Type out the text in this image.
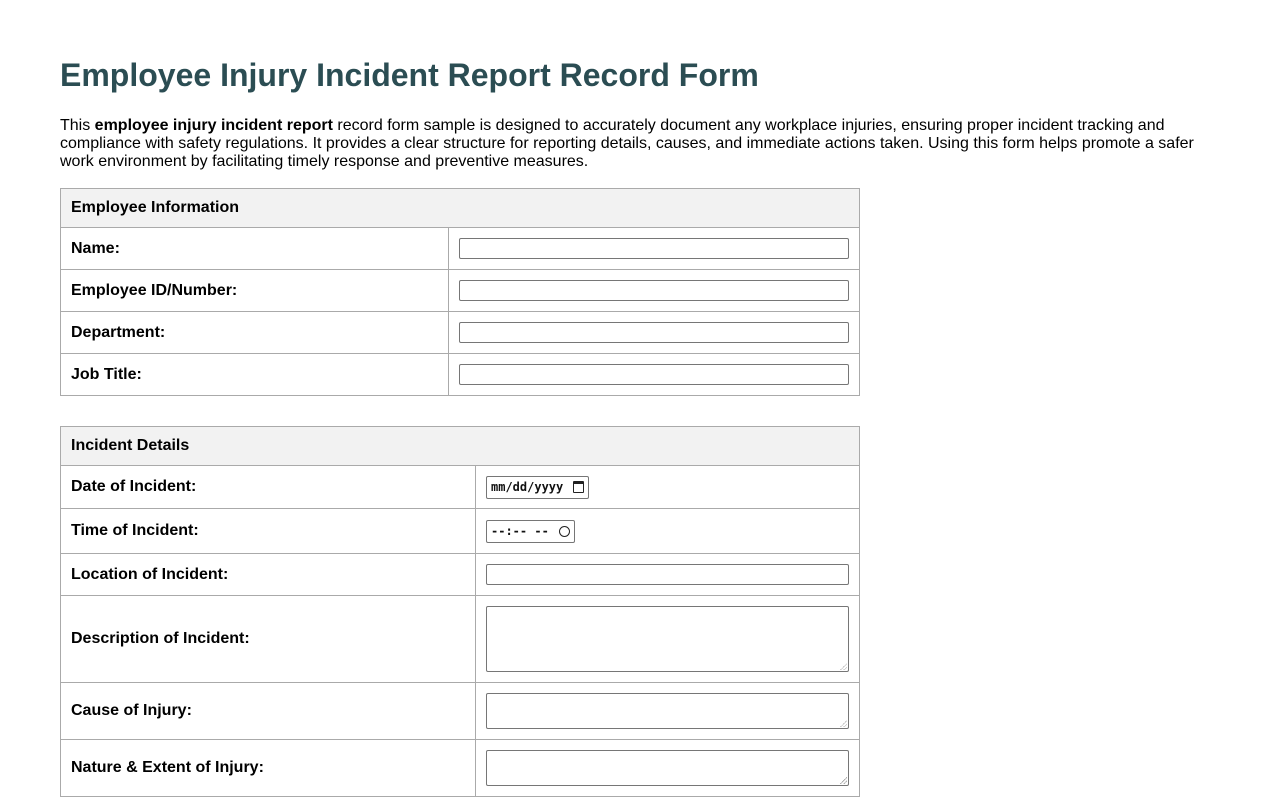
Employee Injury Incident Report Record Form

This employee injury incident report record form sample is designed to accurately document any workplace injuries, ensuring proper incident tracking and compliance with safety regulations. It provides a clear structure for reporting details, causes, and immediate actions taken. Using this form helps promote a safer work environment by facilitating timely response and preventive measures.

Employee Information	
Name:	

Employee ID/Number:	

Department:	

Job Title:	
Incident Details	
Date of Incident:	mm/dd/yyyy

Time of Incident:	--:-- --

Location of Incident:	

Description of Incident:	

Cause of Injury:	

Nature & Extent of Injury:	
